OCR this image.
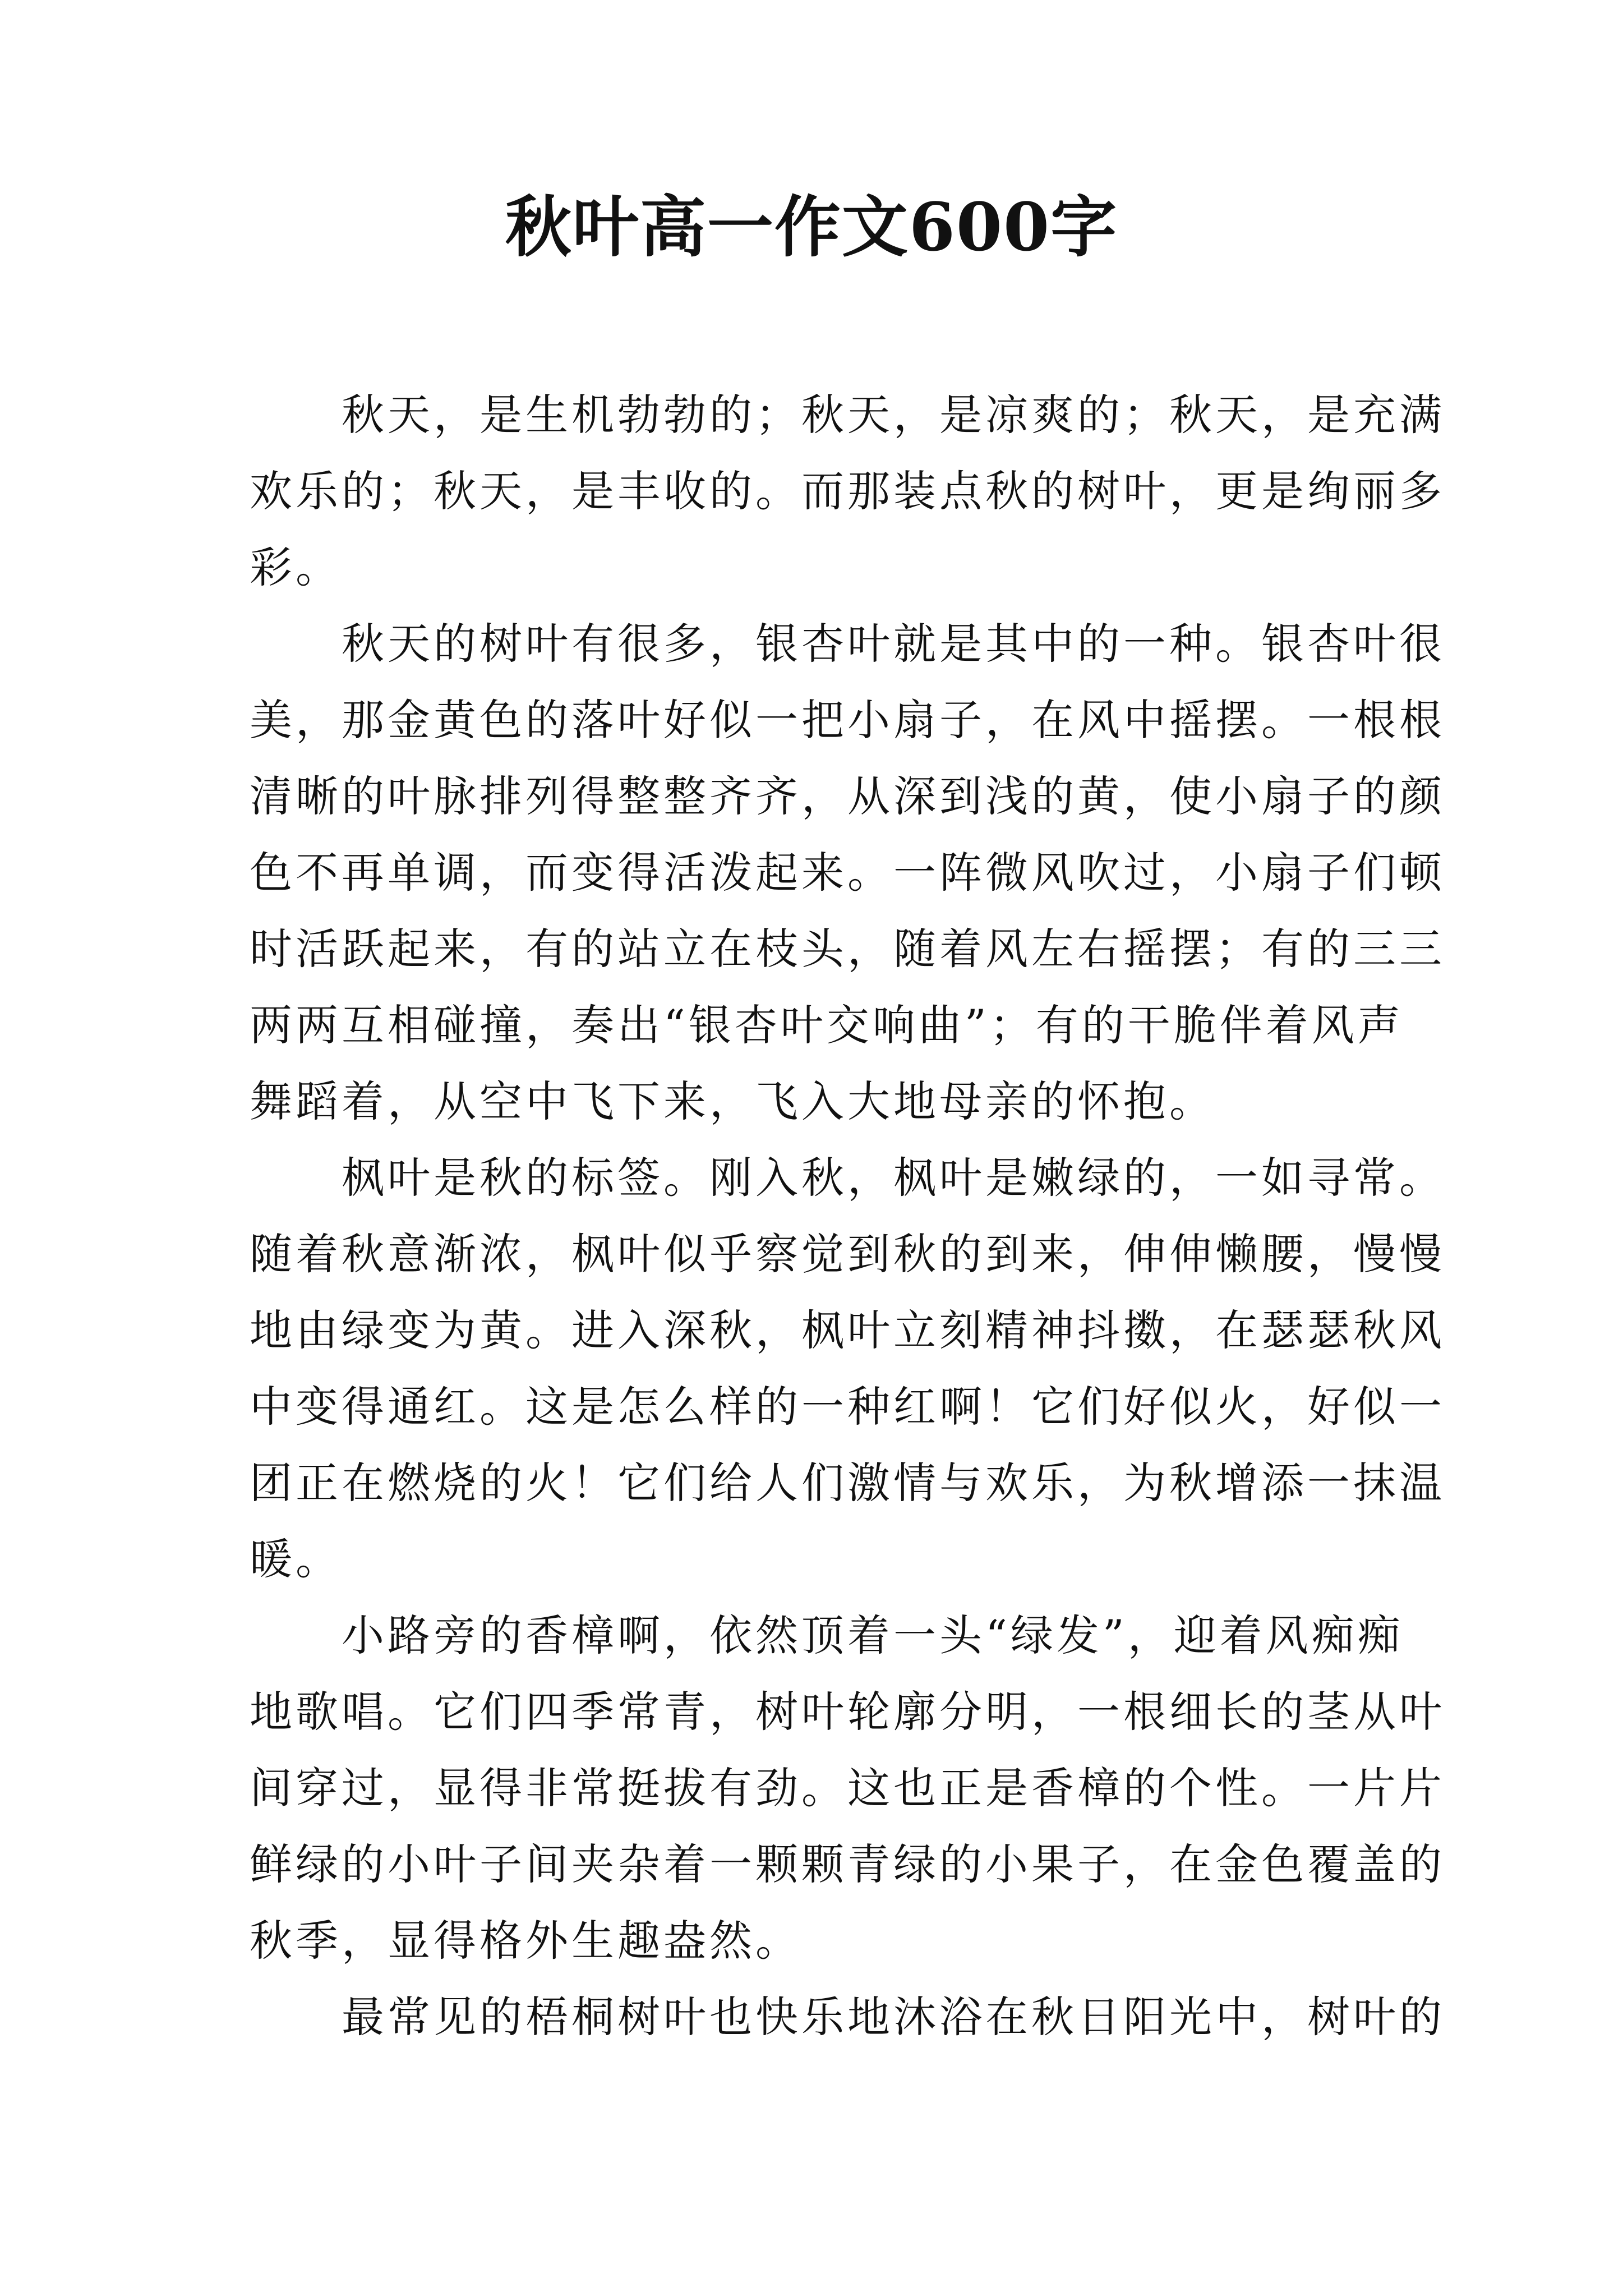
秋叶高一作文600字
　　秋天，是生机勃勃的；秋天，是凉爽的；秋天，是充满
欢乐的；秋天，是丰收的。而那装点秋的树叶，更是绚丽多
彩。
　　秋天的树叶有很多，银杏叶就是其中的一种。银杏叶很
美，那金黄色的落叶好似一把小扇子，在风中摇摆。一根根
清晰的叶脉排列得整整齐齐，从深到浅的黄，使小扇子的颜
色不再单调，而变得活泼起来。一阵微风吹过，小扇子们顿
时活跃起来，有的站立在枝头，随着风左右摇摆；有的三三
两两互相碰撞，奏出“银杏叶交响曲”；有的干脆伴着风声
舞蹈着，从空中飞下来，飞入大地母亲的怀抱。
　　枫叶是秋的标签。刚入秋，枫叶是嫩绿的，一如寻常。
随着秋意渐浓，枫叶似乎察觉到秋的到来，伸伸懒腰，慢慢
地由绿变为黄。进入深秋，枫叶立刻精神抖擞，在瑟瑟秋风
中变得通红。这是怎么样的一种红啊！它们好似火，好似一
团正在燃烧的火！它们给人们激情与欢乐，为秋增添一抹温
暖。
　　小路旁的香樟啊，依然顶着一头“绿发”，迎着风痴痴
地歌唱。它们四季常青，树叶轮廓分明，一根细长的茎从叶
间穿过，显得非常挺拔有劲。这也正是香樟的个性。一片片
鲜绿的小叶子间夹杂着一颗颗青绿的小果子，在金色覆盖的
秋季，显得格外生趣盎然。
　　最常见的梧桐树叶也快乐地沐浴在秋日阳光中，树叶的
